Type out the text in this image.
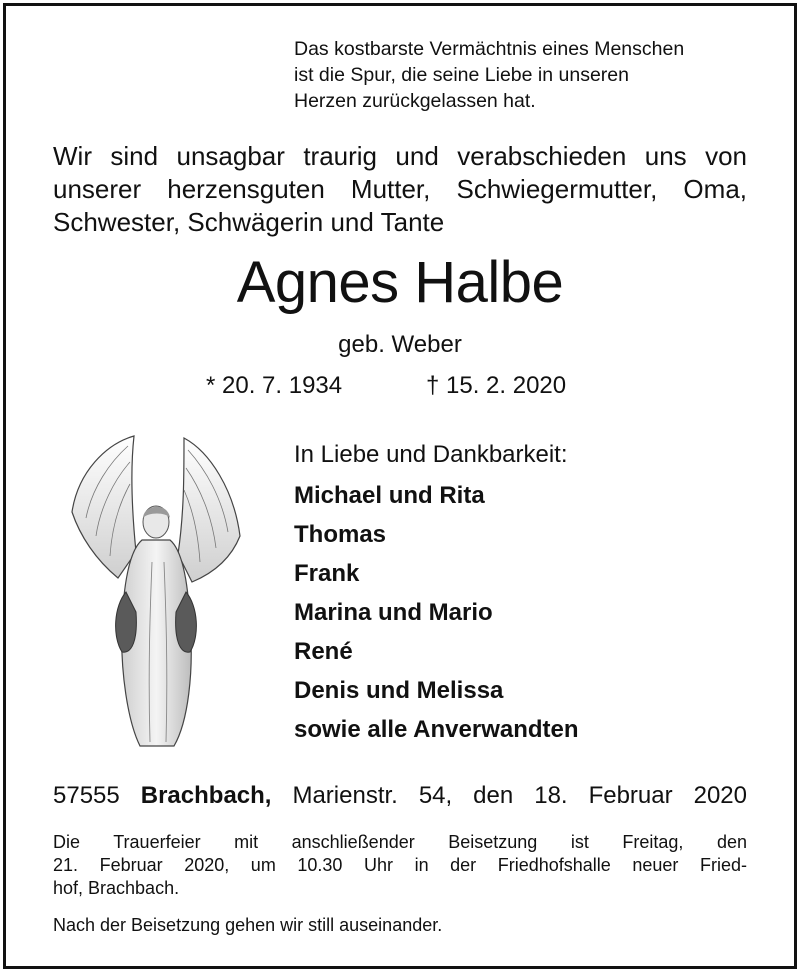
Das kostbarste Vermächtnis eines Menschen
ist die Spur, die seine Liebe in unseren
Herzen zurückgelassen hat.
Wir sind unsagbar traurig und verabschieden uns von
unserer herzensguten Mutter, Schwiegermutter, Oma,
Schwester, Schwägerin und Tante
Agnes Halbe
geb. Weber
* 20. 7. 1934	† 15. 2. 2020
In Liebe und Dankbarkeit:
Michael und Rita
Thomas
Frank
Marina und Mario
René
Denis und Melissa
sowie alle Anverwandten
57555 Brachbach, Marienstr. 54, den 18. Februar 2020
Die Trauerfeier mit anschließender Beisetzung ist Freitag, den
21. Februar 2020, um 10.30 Uhr in der Friedhofshalle neuer Fried-
hof, Brachbach.
Nach der Beisetzung gehen wir still auseinander.
